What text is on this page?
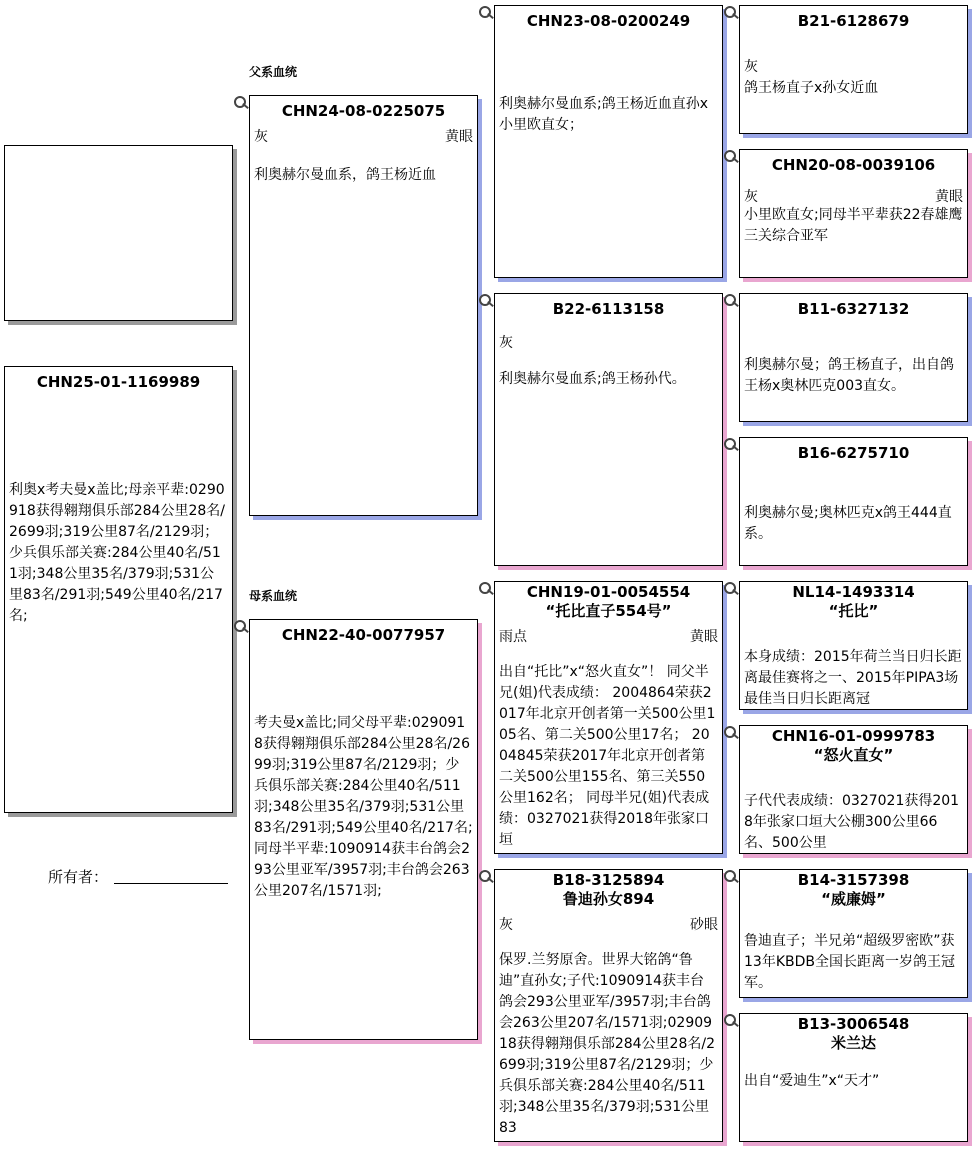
父系血统
母系血统
CHN25-01-1169989
利奥x考夫曼x盖比;母亲平辈:0290918获得翱翔俱乐部284公里28名/2699羽;319公里87名/2129羽；少兵俱乐部关赛:284公里40名/511羽;348公里35名/379羽;531公里83名/291羽;549公里40名/217名;
所有者：
CHN24-08-0225075
灰	黄眼
利奥赫尔曼血系，鸽王杨近血
CHN22-40-0077957
考夫曼x盖比;同父母平辈:0290918获得翱翔俱乐部284公里28名/2699羽;319公里87名/2129羽；少兵俱乐部关赛:284公里40名/511羽;348公里35名/379羽;531公里83名/291羽;549公里40名/217名;同母半平辈:1090914获丰台鸽会293公里亚军/3957羽;丰台鸽会263公里207名/1571羽;
CHN23-08-0200249
利奥赫尔曼血系;鸽王杨近血直孙x小里欧直女；
B22-6113158
灰
利奥赫尔曼血系;鸽王杨孙代。
CHN19-01-0054554
“托比直子554号”
雨点	黄眼
出自“托比”x“怒火直女”！ 同父半兄(姐)代表成绩： 2004864荣获2017年北京开创者第一关500公里105名、第二关500公里17名； 2004845荣获2017年北京开创者第二关500公里155名、第三关550公里162名； 同母半兄(姐)代表成绩：0327021获得2018年张家口垣
B18-3125894
鲁迪孙女894
灰	砂眼
保罗.兰努原舍。世界大铭鸽“鲁迪”直孙女;子代:1090914获丰台鸽会293公里亚军/3957羽;丰台鸽会263公里207名/1571羽;0290918获得翱翔俱乐部284公里28名/2699羽;319公里87名/2129羽；少兵俱乐部关赛:284公里40名/511羽;348公里35名/379羽;531公里83
B21-6128679
灰
鸽王杨直子x孙女近血
CHN20-08-0039106
灰	黄眼
小里欧直女;同母半平辈获22春雄鹰三关综合亚军
B11-6327132
利奥赫尔曼；鸽王杨直子，出自鸽王杨x奥林匹克003直女。
B16-6275710
利奥赫尔曼;奥林匹克x鸽王444直系。
NL14-1493314
“托比”
本身成绩：2015年荷兰当日归长距离最佳赛将之一、2015年PIPA3场最佳当日归长距离冠
CHN16-01-0999783
“怒火直女”
子代代表成绩：0327021获得2018年张家口垣大公棚300公里66名、500公里
B14-3157398
“威廉姆”
鲁迪直子；半兄弟“超级罗密欧”获13年KBDB全国长距离一岁鸽王冠军。
B13-3006548
米兰达
出自“爱迪生”x“天才”
